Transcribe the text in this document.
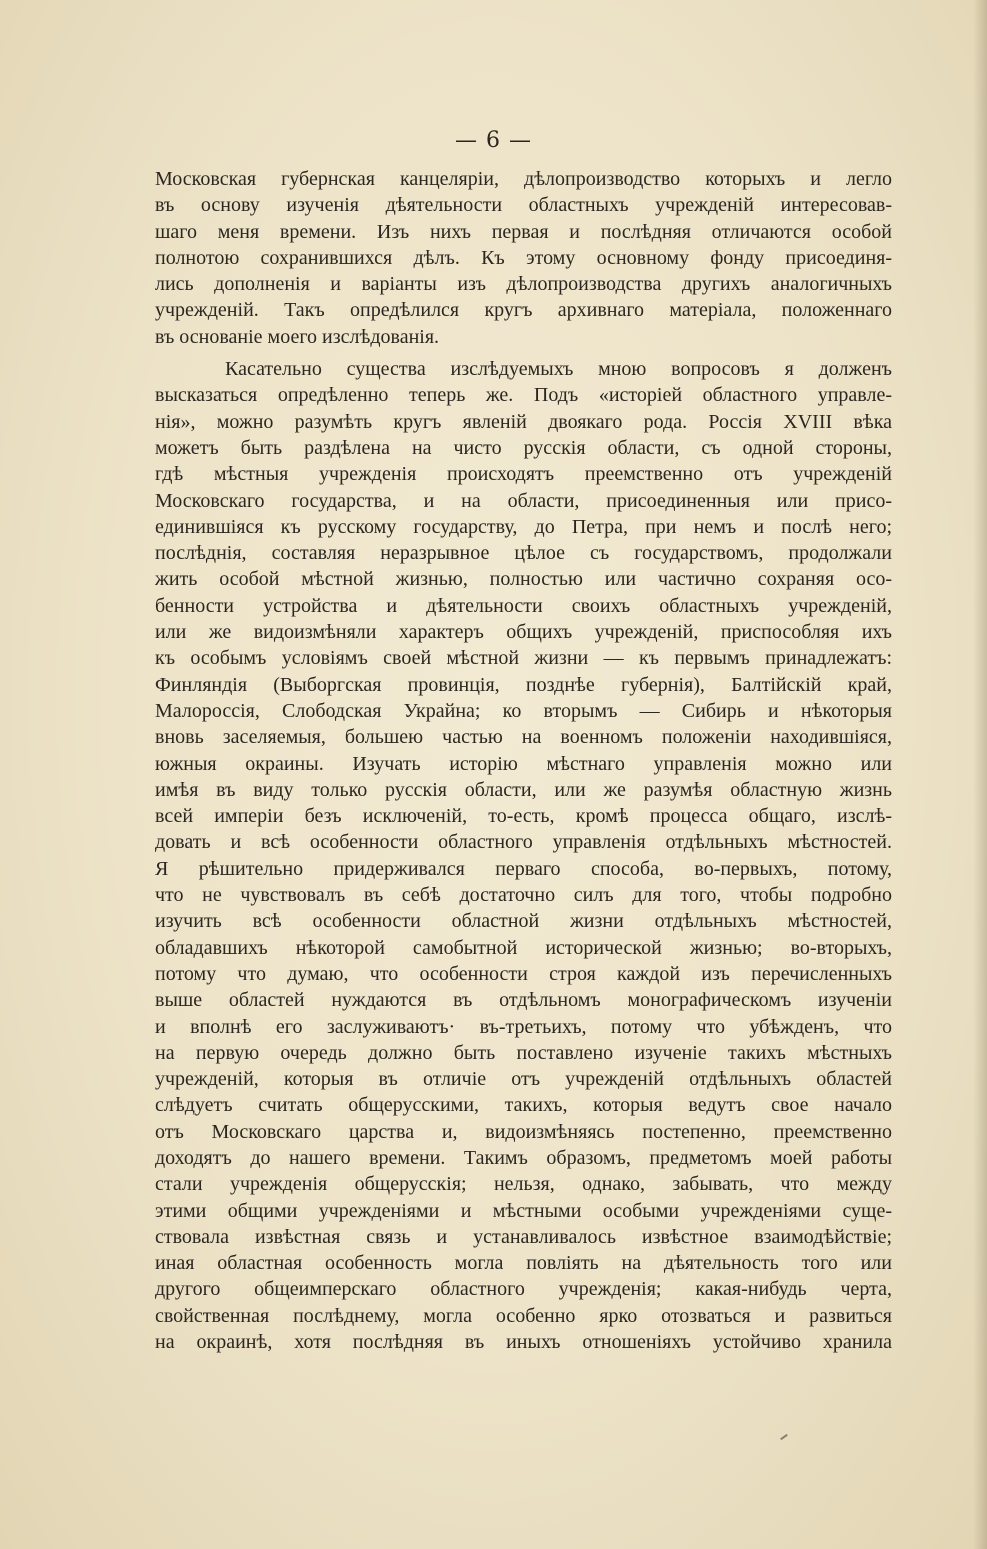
— 6 —
Московская губернская канцелярiи, дѣлопроизводство которыхъ и легло
въ основу изученiя дѣятельности областныхъ учрежденiй интересовав-
шаго меня времени. Изъ нихъ первая и послѣдняя отличаются особой
полнотою сохранившихся дѣлъ. Къ этому основному фонду присоединя-
лись дополненiя и варiанты изъ дѣлопроизводства другихъ аналогичныхъ
учрежденiй. Такъ опредѣлился кругъ архивнаго матерiала, положеннаго
въ основанiе моего изслѣдованiя.
Касательно существа изслѣдуемыхъ мною вопросовъ я долженъ
высказаться опредѣленно теперь же. Подъ «исторiей областного управле-
нiя», можно разумѣть кругъ явленiй двоякаго рода. Россiя XVIII вѣка
можетъ быть раздѣлена на чисто русскiя области, съ одной стороны,
гдѣ мѣстныя учрежденiя происходятъ преемственно отъ учрежденiй
Московскаго государства, и на области, присоединенныя или присо-
единившiяся къ русскому государству, до Петра, при немъ и послѣ него;
послѣднiя, составляя неразрывное цѣлое съ государствомъ, продолжали
жить особой мѣстной жизнью, полностью или частично сохраняя осо-
бенности устройства и дѣятельности своихъ областныхъ учрежденiй,
или же видоизмѣняли характеръ общихъ учрежденiй, приспособляя ихъ
къ особымъ условiямъ своей мѣстной жизни — къ первымъ принадлежатъ:
Финляндiя (Выборгская провинцiя, позднѣе губернiя), Балтiйскiй край,
Малороссiя, Слободская Украйна; ко вторымъ — Сибирь и нѣкоторыя
вновь заселяемыя, большею частью на военномъ положенiи находившiяся,
южныя окраины. Изучать исторiю мѣстнаго управленiя можно или
имѣя въ виду только русскiя области, или же разумѣя областную жизнь
всей имперiи безъ исключенiй, то-есть, кромѣ процесса общаго, изслѣ-
довать и всѣ особенности областного управленiя отдѣльныхъ мѣстностей.
Я рѣшительно придерживался перваго способа, во-первыхъ, потому,
что не чувствовалъ въ себѣ достаточно силъ для того, чтобы подробно
изучить всѣ особенности областной жизни отдѣльныхъ мѣстностей,
обладавшихъ нѣкоторой самобытной исторической жизнью; во-вторыхъ,
потому что думаю, что особенности строя каждой изъ перечисленныхъ
выше областей нуждаются въ отдѣльномъ монографическомъ изученiи
и вполнѣ его заслуживаютъ· въ-третьихъ, потому что убѣжденъ, что
на первую очередь должно быть поставлено изученiе такихъ мѣстныхъ
учрежденiй, которыя въ отличiе отъ учрежденiй отдѣльныхъ областей
слѣдуетъ считать общерусскими, такихъ, которыя ведутъ свое начало
отъ Московскаго царства и, видоизмѣняясь постепенно, преемственно
доходятъ до нашего времени. Такимъ образомъ, предметомъ моей работы
стали учрежденiя общерусскiя; нельзя, однако, забывать, что между
этими общими учрежденiями и мѣстными особыми учрежденiями суще-
ствовала извѣстная связь и устанавливалось извѣстное взаимодѣйствiе;
иная областная особенность могла повлiять на дѣятельность того или
другого общеимперскаго областного учрежденiя; какая-нибудь черта,
свойственная послѣднему, могла особенно ярко отозваться и развиться
на окраинѣ, хотя послѣдняя въ иныхъ отношенiяхъ устойчиво хранила
